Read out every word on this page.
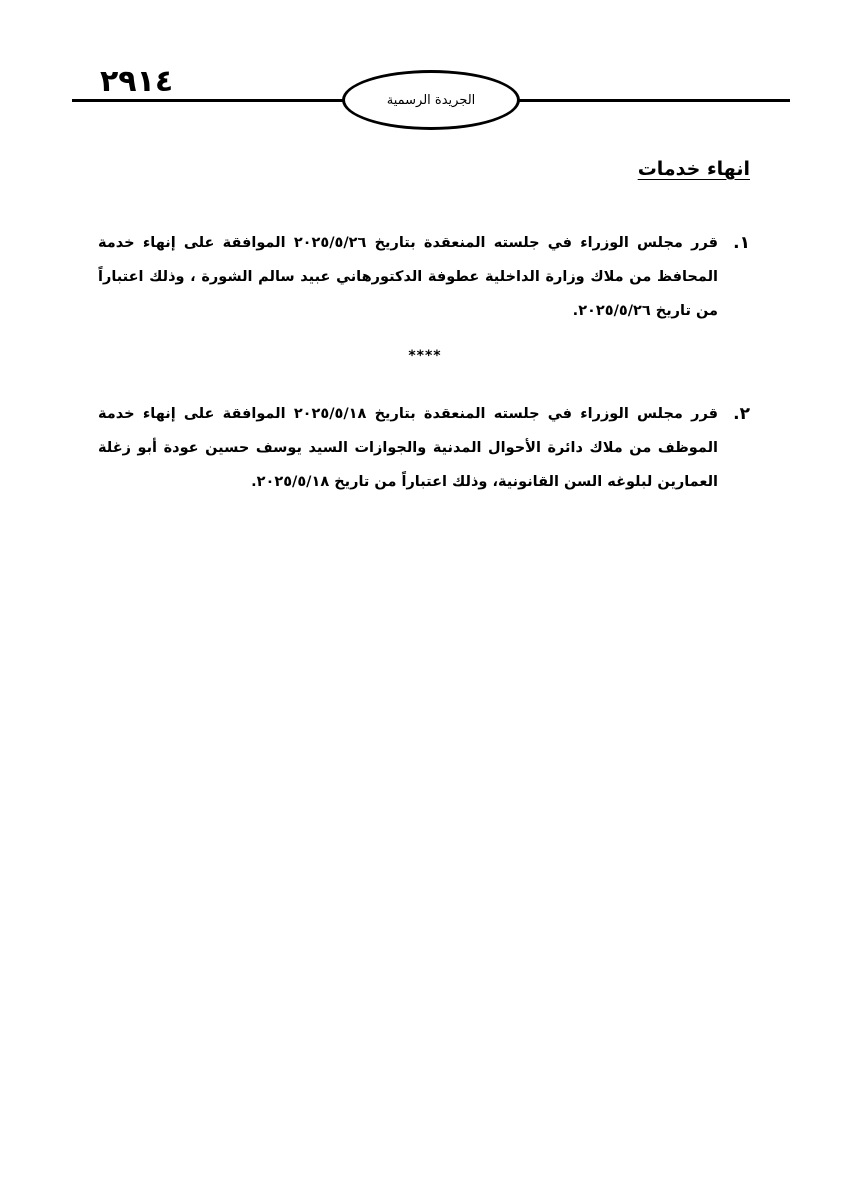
٢٩١٤
الجريدة الرسمية
انهاء خدمات
١.
قرر مجلس الوزراء في جلسته المنعقدة بتاريخ ٢٠٢٥/٥/٢٦ الموافقة على إنهاء خدمة المحافظ من ملاك وزارة الداخلية عطوفة الدكتورهاني عبيد سالم الشورة ، وذلك اعتباراً من تاريخ ٢٠٢٥/٥/٢٦.
****
٢.
قرر مجلس الوزراء في جلسته المنعقدة بتاريخ ٢٠٢٥/٥/١٨ الموافقة على إنهاء خدمة الموظف من ملاك دائرة الأحوال المدنية والجوازات السيد يوسف حسين عودة أبو زغلة العمارين لبلوغه السن القانونية، وذلك اعتباراً من تاريخ ٢٠٢٥/٥/١٨.
